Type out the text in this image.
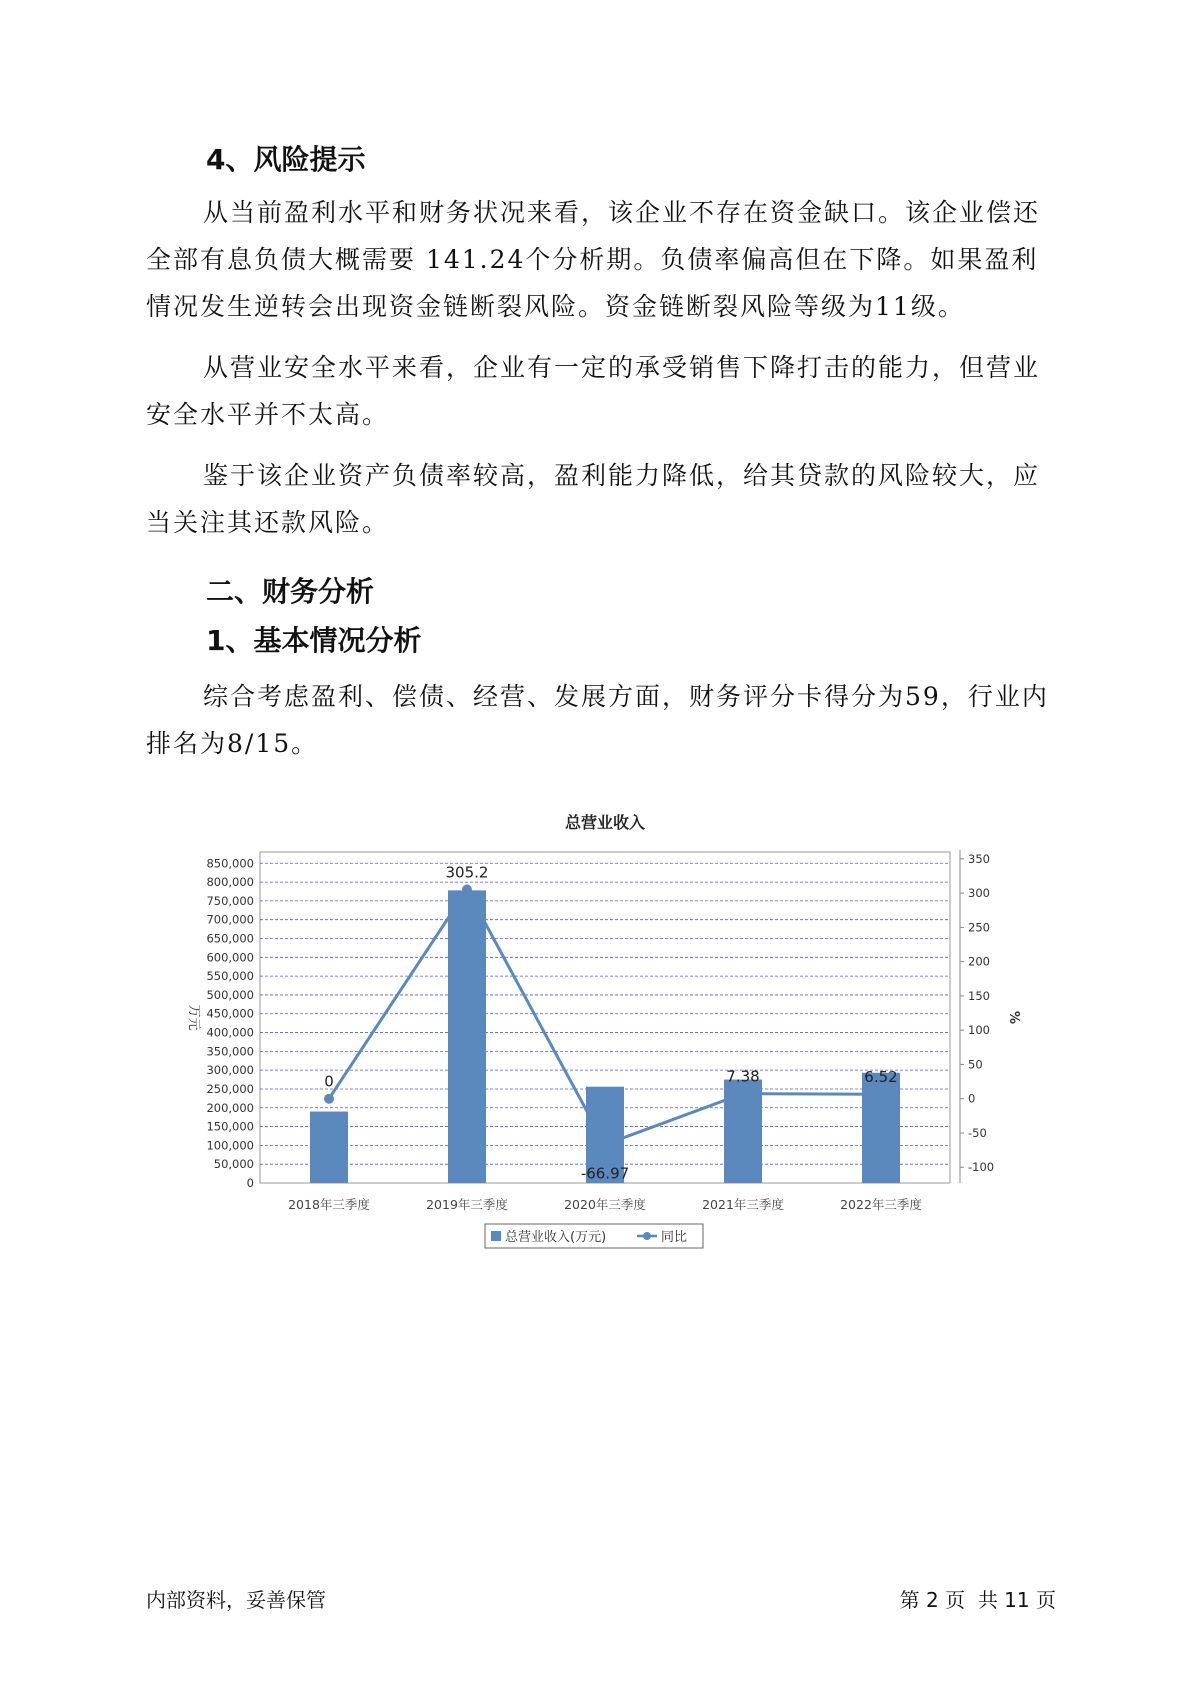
4、风险提示

从当前盈利水平和财务状况来看，该企业不存在资金缺口。该企业偿还全部有息负债大概需要 141.24个分析期。负债率偏高但在下降。如果盈利情况发生逆转会出现资金链断裂风险。资金链断裂风险等级为11级。

从营业安全水平来看，企业有一定的承受销售下降打击的能力，但营业安全水平并不太高。

鉴于该企业资产负债率较高，盈利能力降低，给其贷款的风险较大，应当关注其还款风险。

二、财务分析
1、基本情况分析

综合考虑盈利、偿债、经营、发展方面，财务评分卡得分为59，行业内排名为8/15。

总营业收入
0
50,000
100,000
150,000
200,000
250,000
300,000
350,000
400,000
450,000
500,000
550,000
600,000
650,000
700,000
750,000
800,000
850,000
-100
-50
0
50
100
150
200
250
300
350
万元	%
2018年三季度	2019年三季度	2020年三季度	2021年三季度	2022年三季度
0
305.2
-66.97
7.38	6.52
总营业收入(万元)	同比
内部资料，妥善保管	第 2 页  共 11 页
